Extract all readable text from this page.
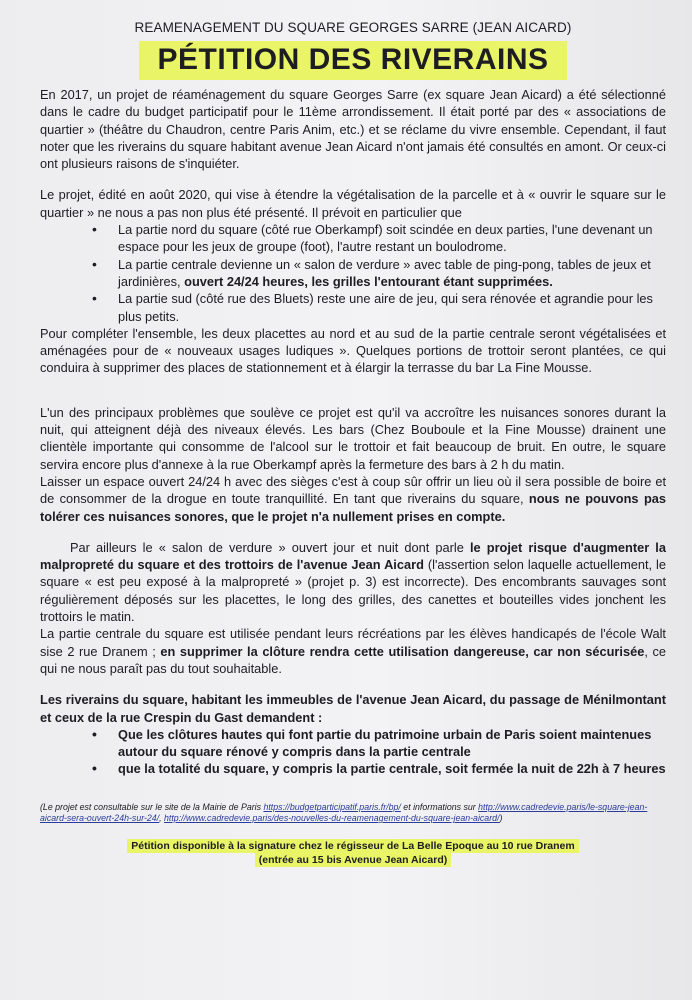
REAMENAGEMENT DU SQUARE GEORGES SARRE (JEAN AICARD)
PÉTITION DES RIVERAINS

En 2017, un projet de réaménagement du square Georges Sarre (ex square Jean Aicard) a été sélectionné dans le cadre du budget participatif pour le 11ème arrondissement. Il était porté par des « associations de quartier » (théâtre du Chaudron, centre Paris Anim, etc.) et se réclame du vivre ensemble. Cependant, il faut noter que les riverains du square habitant avenue Jean Aicard n'ont jamais été consultés en amont. Or ceux-ci ont plusieurs raisons de s'inquiéter.

Le projet, édité en août 2020, qui vise à étendre la végétalisation de la parcelle et à « ouvrir le square sur le quartier » ne nous a pas non plus été présenté. Il prévoit en particulier que

• La partie nord du square (côté rue Oberkampf) soit scindée en deux parties, l'une devenant un espace pour les jeux de groupe (foot), l'autre restant un boulodrome.
• La partie centrale devienne un « salon de verdure » avec table de ping-pong, tables de jeux et jardinières, ouvert 24/24 heures, les grilles l'entourant étant supprimées.
• La partie sud (côté rue des Bluets) reste une aire de jeu, qui sera rénovée et agrandie pour les plus petits.

Pour compléter l'ensemble, les deux placettes au nord et au sud de la partie centrale seront végétalisées et aménagées pour de « nouveaux usages ludiques ». Quelques portions de trottoir seront plantées, ce qui conduira à supprimer des places de stationnement et à élargir la terrasse du bar La Fine Mousse.

L'un des principaux problèmes que soulève ce projet est qu'il va accroître les nuisances sonores durant la nuit, qui atteignent déjà des niveaux élevés. Les bars (Chez Bouboule et la Fine Mousse) drainent une clientèle importante qui consomme de l'alcool sur le trottoir et fait beaucoup de bruit. En outre, le square servira encore plus d'annexe à la rue Oberkampf après la fermeture des bars à 2 h du matin.

Laisser un espace ouvert 24/24 h avec des sièges c'est à coup sûr offrir un lieu où il sera possible de boire et de consommer de la drogue en toute tranquillité. En tant que riverains du square, nous ne pouvons pas tolérer ces nuisances sonores, que le projet n'a nullement prises en compte.

Par ailleurs le « salon de verdure » ouvert jour et nuit dont parle le projet risque d'augmenter la malpropreté du square et des trottoirs de l'avenue Jean Aicard (l'assertion selon laquelle actuellement, le square « est peu exposé à la malpropreté » (projet p. 3) est incorrecte). Des encombrants sauvages sont régulièrement déposés sur les placettes, le long des grilles, des canettes et bouteilles vides jonchent les trottoirs le matin.

La partie centrale du square est utilisée pendant leurs récréations par les élèves handicapés de l'école Walt sise 2 rue Dranem ; en supprimer la clôture rendra cette utilisation dangereuse, car non sécurisée, ce qui ne nous paraît pas du tout souhaitable.

Les riverains du square, habitant les immeubles de l'avenue Jean Aicard, du passage de Ménilmontant et ceux de la rue Crespin du Gast demandent :

• Que les clôtures hautes qui font partie du patrimoine urbain de Paris soient maintenues autour du square rénové y compris dans la partie centrale
• que la totalité du square, y compris la partie centrale, soit fermée la nuit de 22h à 7 heures
(Le projet est consultable sur le site de la Mairie de Paris https://budgetparticipatif.paris.fr/bp/ et informations sur http://www.cadredevie.paris/le-square-jean-aicard-sera-ouvert-24h-sur-24/, http://www.cadredevie.paris/des-nouvelles-du-reamenagement-du-square-jean-aicard/)
Pétition disponible à la signature chez le régisseur de La Belle Epoque au 10 rue Dranem
(entrée au 15 bis Avenue Jean Aicard)
